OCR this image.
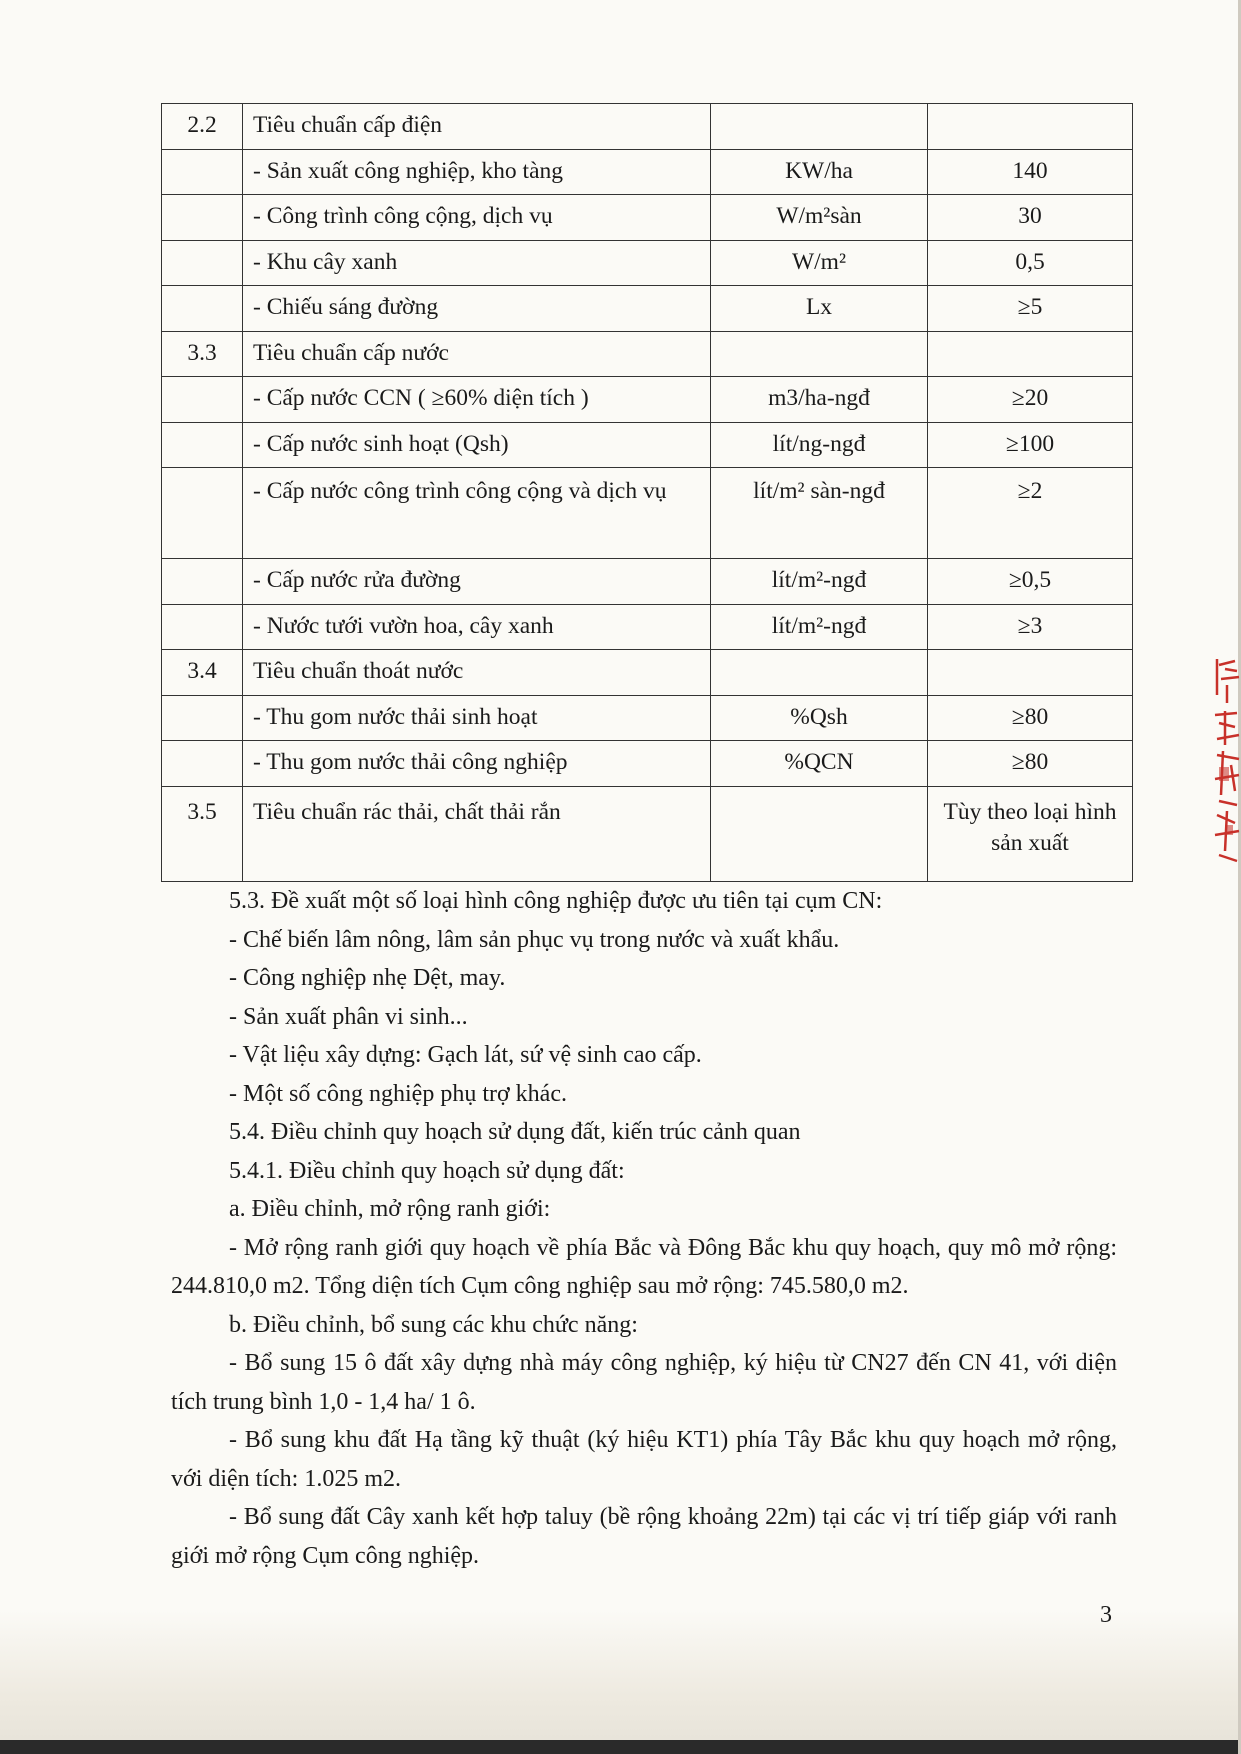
2.2	Tiêu chuẩn cấp điện		
	- Sản xuất công nghiệp, kho tàng	KW/ha	140
	- Công trình công cộng, dịch vụ	W/m²sàn	30
	- Khu cây xanh	W/m²	0,5
	- Chiếu sáng đường	Lx	≥5
3.3	Tiêu chuẩn cấp nước		
	- Cấp nước CCN ( ≥60% diện tích )	m3/ha-ngđ	≥20
	- Cấp nước sinh hoạt (Qsh)	lít/ng-ngđ	≥100
	- Cấp nước công trình công cộng và dịch vụ	lít/m² sàn-ngđ	≥2
	- Cấp nước rửa đường	lít/m²-ngđ	≥0,5
	- Nước tưới vườn hoa, cây xanh	lít/m²-ngđ	≥3
3.4	Tiêu chuẩn thoát nước		
	- Thu gom nước thải sinh hoạt	%Qsh	≥80
	- Thu gom nước thải công nghiệp	%QCN	≥80
3.5	Tiêu chuẩn rác thải, chất thải rắn		Tùy theo loại hình sản xuất

5.3. Đề xuất một số loại hình công nghiệp được ưu tiên tại cụm CN:

- Chế biến lâm nông, lâm sản phục vụ trong nước và xuất khẩu.

- Công nghiệp nhẹ Dệt, may.

- Sản xuất phân vi sinh...

- Vật liệu xây dựng: Gạch lát, sứ vệ sinh cao cấp.

- Một số công nghiệp phụ trợ khác.

5.4. Điều chỉnh quy hoạch sử dụng đất, kiến trúc cảnh quan

5.4.1. Điều chỉnh quy hoạch sử dụng đất:

a. Điều chỉnh, mở rộng ranh giới:

- Mở rộng ranh giới quy hoạch về phía Bắc và Đông Bắc khu quy hoạch, quy mô mở rộng: 244.810,0 m2. Tổng diện tích Cụm công nghiệp sau mở rộng: 745.580,0 m2.

b. Điều chỉnh, bổ sung các khu chức năng:

- Bổ sung 15 ô đất xây dựng nhà máy công nghiệp, ký hiệu từ CN27 đến CN 41, với diện tích trung bình 1,0 - 1,4 ha/ 1 ô.

- Bổ sung khu đất Hạ tầng kỹ thuật (ký hiệu KT1) phía Tây Bắc khu quy hoạch mở rộng, với diện tích: 1.025 m2.

- Bổ sung đất Cây xanh kết hợp taluy (bề rộng khoảng 22m) tại các vị trí tiếp giáp với ranh giới mở rộng Cụm công nghiệp.

3
